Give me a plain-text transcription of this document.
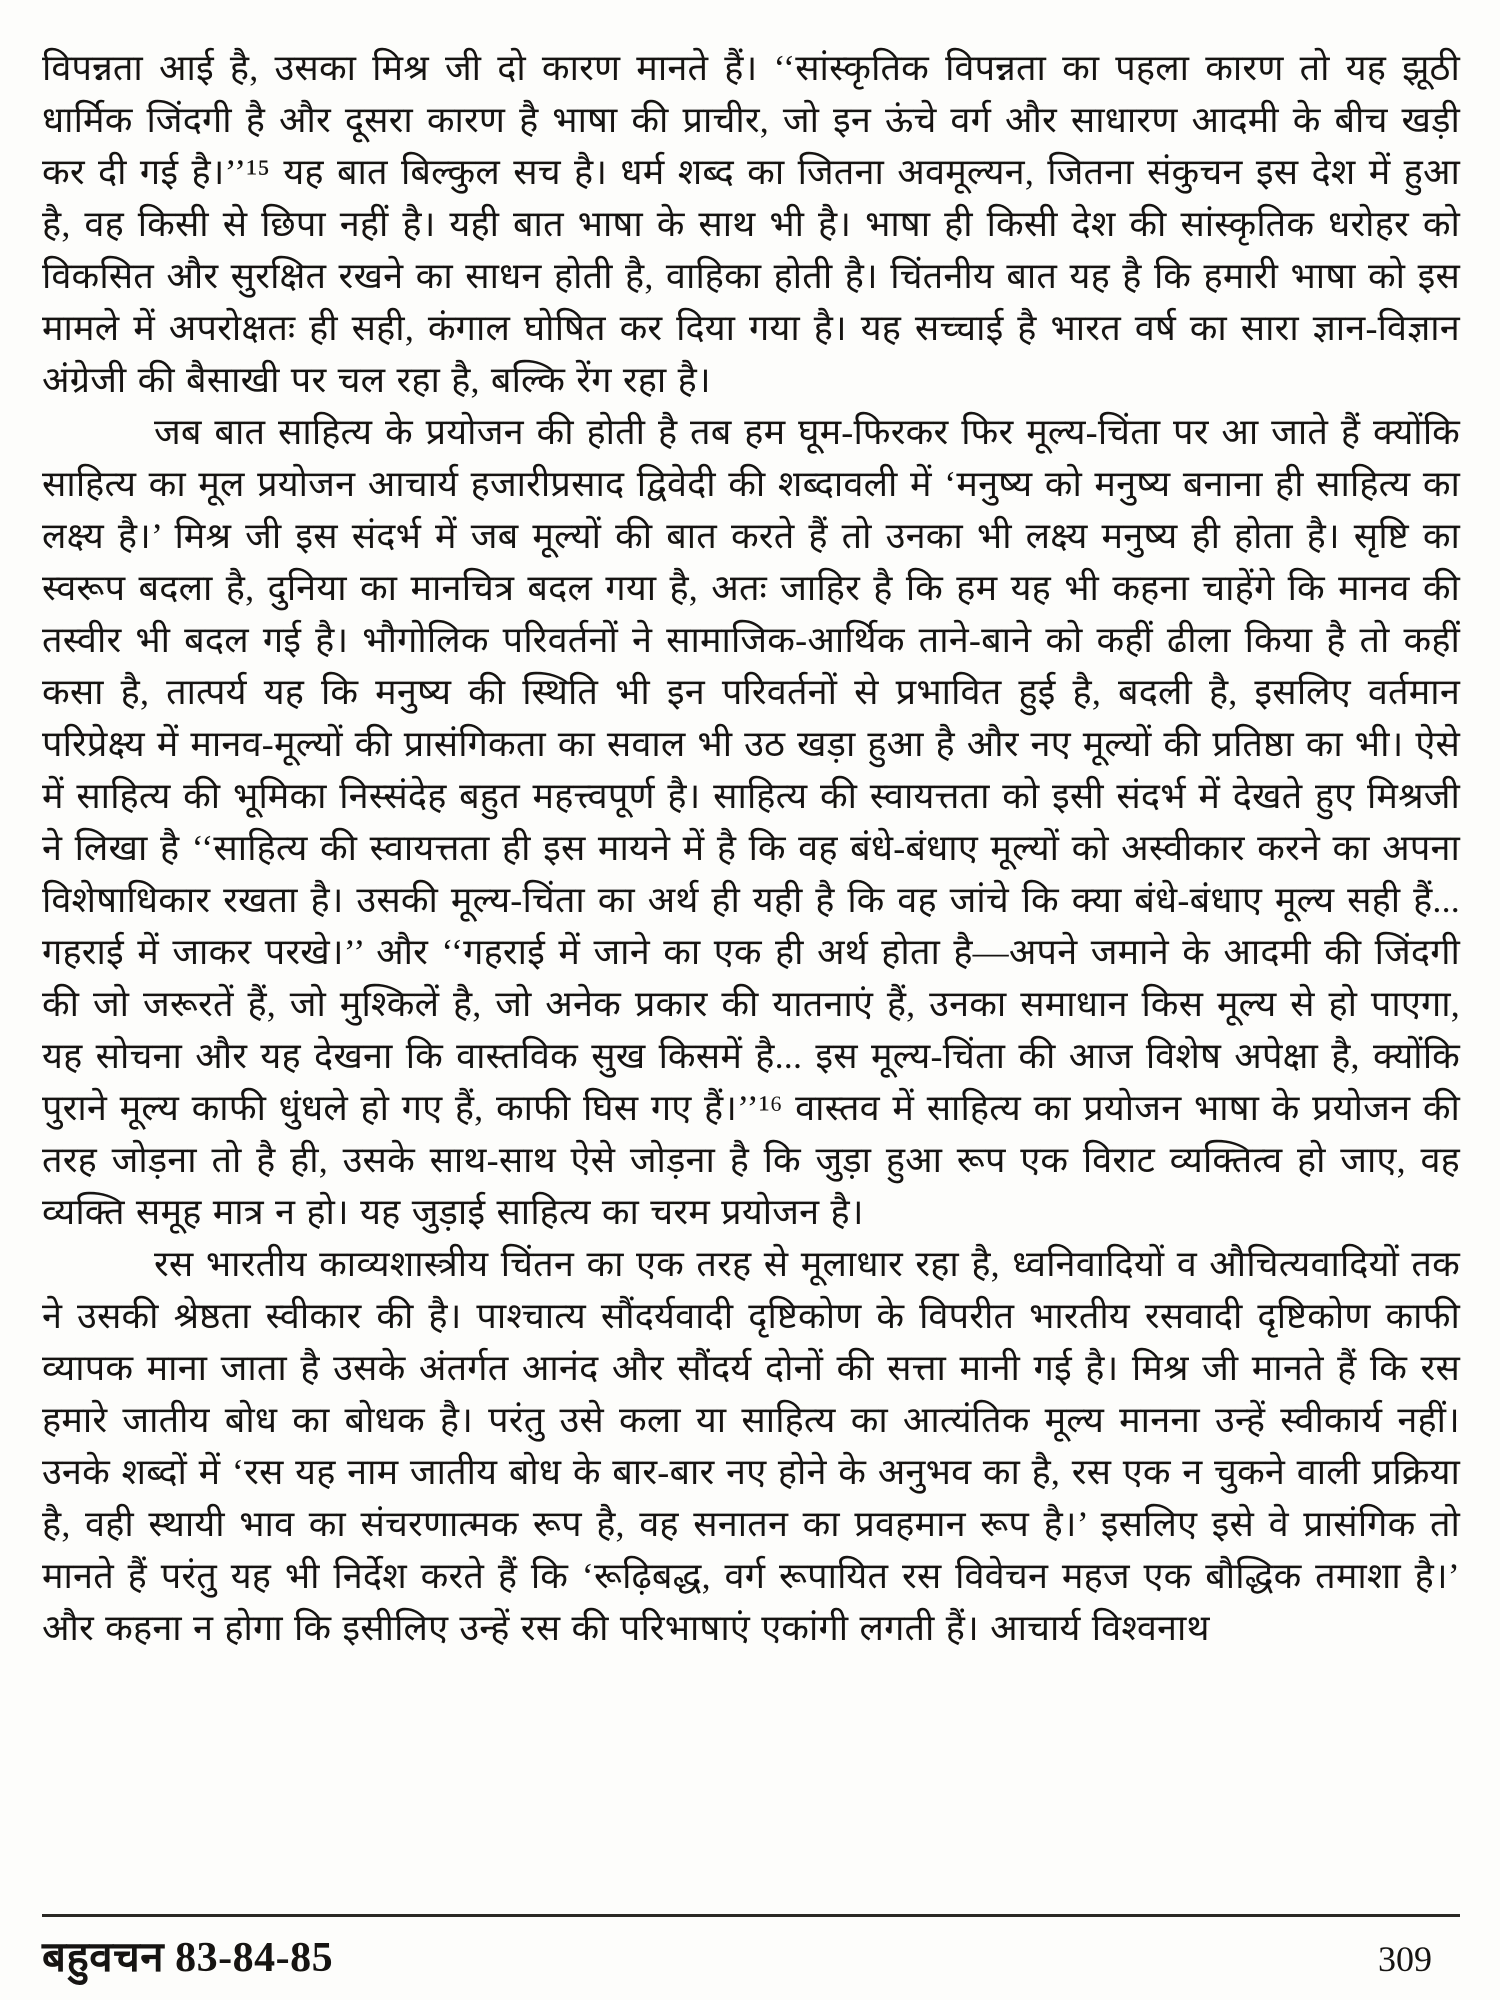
विपन्नता आई है, उसका मिश्र जी दो कारण मानते हैं। ‘‘सांस्कृतिक विपन्नता का पहला कारण तो यह झूठी धार्मिक जिंदगी है और दूसरा कारण है भाषा की प्राचीर, जो इन ऊंचे वर्ग और साधारण आदमी के बीच खड़ी कर दी गई है।’’¹⁵ यह बात बिल्कुल सच है। धर्म शब्द का जितना अवमूल्यन, जितना संकुचन इस देश में हुआ है, वह किसी से छिपा नहीं है। यही बात भाषा के साथ भी है। भाषा ही किसी देश की सांस्कृतिक धरोहर को विकसित और सुरक्षित रखने का साधन होती है, वाहिका होती है। चिंतनीय बात यह है कि हमारी भाषा को इस मामले में अपरोक्षतः ही सही, कंगाल घोषित कर दिया गया है। यह सच्चाई है भारत वर्ष का सारा ज्ञान-विज्ञान अंग्रेजी की बैसाखी पर चल रहा है, बल्कि रेंग रहा है।

जब बात साहित्य के प्रयोजन की होती है तब हम घूम-फिरकर फिर मूल्य-चिंता पर आ जाते हैं क्योंकि साहित्य का मूल प्रयोजन आचार्य हजारीप्रसाद द्विवेदी की शब्दावली में ‘मनुष्य को मनुष्य बनाना ही साहित्य का लक्ष्य है।’ मिश्र जी इस संदर्भ में जब मूल्यों की बात करते हैं तो उनका भी लक्ष्य मनुष्य ही होता है। सृष्टि का स्वरूप बदला है, दुनिया का मानचित्र बदल गया है, अतः जाहिर है कि हम यह भी कहना चाहेंगे कि मानव की तस्वीर भी बदल गई है। भौगोलिक परिवर्तनों ने सामाजिक-आर्थिक ताने-बाने को कहीं ढीला किया है तो कहीं कसा है, तात्पर्य यह कि मनुष्य की स्थिति भी इन परिवर्तनों से प्रभावित हुई है, बदली है, इसलिए वर्तमान परिप्रेक्ष्य में मानव-मूल्यों की प्रासंगिकता का सवाल भी उठ खड़ा हुआ है और नए मूल्यों की प्रतिष्ठा का भी। ऐसे में साहित्य की भूमिका निस्संदेह बहुत महत्त्वपूर्ण है। साहित्य की स्वायत्तता को इसी संदर्भ में देखते हुए मिश्रजी ने लिखा है ‘‘साहित्य की स्वायत्तता ही इस मायने में है कि वह बंधे-बंधाए मूल्यों को अस्वीकार करने का अपना विशेषाधिकार रखता है। उसकी मूल्य-चिंता का अर्थ ही यही है कि वह जांचे कि क्या बंधे-बंधाए मूल्य सही हैं... गहराई में जाकर परखे।’’ और ‘‘गहराई में जाने का एक ही अर्थ होता है—अपने जमाने के आदमी की जिंदगी की जो जरूरतें हैं, जो मुश्किलें है, जो अनेक प्रकार की यातनाएं हैं, उनका समाधान किस मूल्य से हो पाएगा, यह सोचना और यह देखना कि वास्तविक सुख किसमें है... इस मूल्य-चिंता की आज विशेष अपेक्षा है, क्योंकि पुराने मूल्य काफी धुंधले हो गए हैं, काफी घिस गए हैं।’’¹⁶ वास्तव में साहित्य का प्रयोजन भाषा के प्रयोजन की तरह जोड़ना तो है ही, उसके साथ-साथ ऐसे जोड़ना है कि जुड़ा हुआ रूप एक विराट व्यक्तित्व हो जाए, वह व्यक्ति समूह मात्र न हो। यह जुड़ाई साहित्य का चरम प्रयोजन है।

रस भारतीय काव्यशास्त्रीय चिंतन का एक तरह से मूलाधार रहा है, ध्वनिवादियों व औचित्यवादियों तक ने उसकी श्रेष्ठता स्वीकार की है। पाश्चात्य सौंदर्यवादी दृष्टिकोण के विपरीत भारतीय रसवादी दृष्टिकोण काफी व्यापक माना जाता है उसके अंतर्गत आनंद और सौंदर्य दोनों की सत्ता मानी गई है। मिश्र जी मानते हैं कि रस हमारे जातीय बोध का बोधक है। परंतु उसे कला या साहित्य का आत्यंतिक मूल्य मानना उन्हें स्वीकार्य नहीं। उनके शब्दों में ‘रस यह नाम जातीय बोध के बार-बार नए होने के अनुभव का है, रस एक न चुकने वाली प्रक्रिया है, वही स्थायी भाव का संचरणात्मक रूप है, वह सनातन का प्रवहमान रूप है।’ इसलिए इसे वे प्रासंगिक तो मानते हैं परंतु यह भी निर्देश करते हैं कि ‘रूढ़िबद्ध, वर्ग रूपायित रस विवेचन महज एक बौद्धिक तमाशा है।’ और कहना न होगा कि इसीलिए उन्हें रस की परिभाषाएं एकांगी लगती हैं। आचार्य विश्वनाथ

बहुवचन 83-84-85	309
